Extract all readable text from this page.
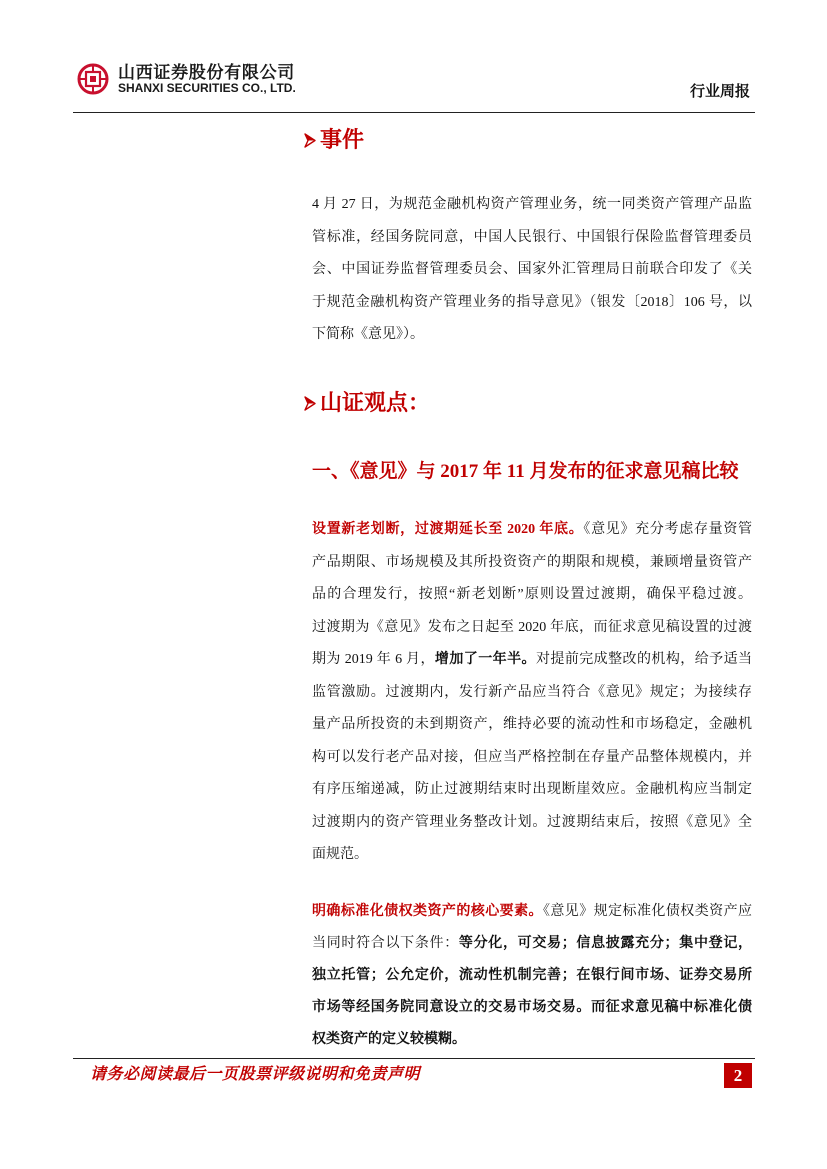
山西证券股份有限公司
SHANXI SECURITIES CO., LTD.	行业周报
事件
4 月 27 日，为规范金融机构资产管理业务，统一同类资产管理产品监
管标准，经国务院同意，中国人民银行、中国银行保险监督管理委员
会、中国证券监督管理委员会、国家外汇管理局日前联合印发了《关
于规范金融机构资产管理业务的指导意见》（银发〔2018〕106 号，以
下简称《意见》）。
山证观点：
一、《意见》与 2017 年 11 月发布的征求意见稿比较
设置新老划断，过渡期延长至 2020 年底。《意见》充分考虑存量资管
产品期限、市场规模及其所投资资产的期限和规模，兼顾增量资管产
品的合理发行，按照“新老划断”原则设置过渡期，确保平稳过渡。
过渡期为《意见》发布之日起至 2020 年底，而征求意见稿设置的过渡
期为 2019 年 6 月，增加了一年半。对提前完成整改的机构，给予适当
监管激励。过渡期内，发行新产品应当符合《意见》规定；为接续存
量产品所投资的未到期资产，维持必要的流动性和市场稳定，金融机
构可以发行老产品对接，但应当严格控制在存量产品整体规模内，并
有序压缩递减，防止过渡期结束时出现断崖效应。金融机构应当制定
过渡期内的资产管理业务整改计划。过渡期结束后，按照《意见》全
面规范。
明确标准化债权类资产的核心要素。《意见》规定标准化债权类资产应
当同时符合以下条件：等分化，可交易；信息披露充分；集中登记，
独立托管；公允定价，流动性机制完善；在银行间市场、证券交易所
市场等经国务院同意设立的交易市场交易。而征求意见稿中标准化债
权类资产的定义较模糊。
请务必阅读最后一页股票评级说明和免责声明	2
